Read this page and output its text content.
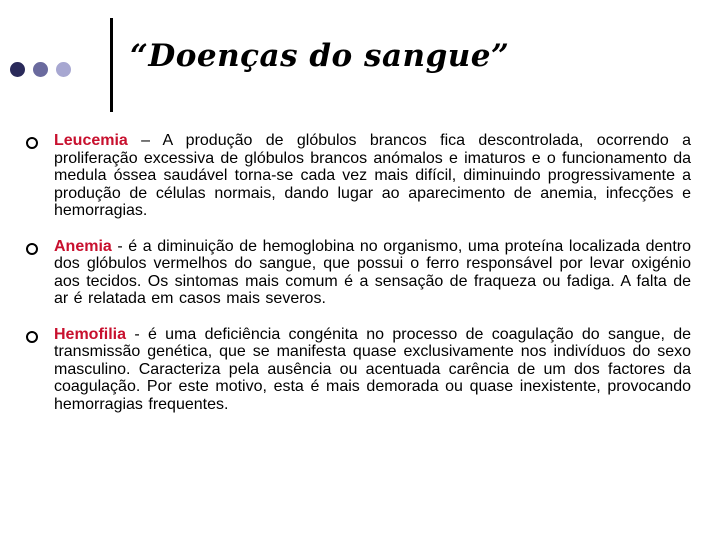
“Doenças do sangue”

Leucemia – A produção de glóbulos brancos fica descontrolada, ocorrendo a proliferação excessiva de glóbulos brancos anómalos e imaturos e o funcionamento da medula óssea saudável torna-se cada vez mais difícil, diminuindo progressivamente a produção de células normais, dando lugar ao aparecimento de anemia, infecções e hemorragias.

Anemia - é a diminuição de hemoglobina no organismo, uma proteína localizada dentro dos glóbulos vermelhos do sangue, que possui o ferro responsável por levar oxigénio aos tecidos. Os sintomas mais comum é a sensação de fraqueza ou fadiga. A falta de ar é relatada em casos mais severos.

Hemofilia - é uma deficiência congénita no processo de coagulação do sangue, de transmissão genética, que se manifesta quase exclusivamente nos indivíduos do sexo masculino. Caracteriza pela ausência ou acentuada carência de um dos factores da coagulação. Por este motivo, esta é mais demorada ou quase inexistente, provocando hemorragias frequentes.
